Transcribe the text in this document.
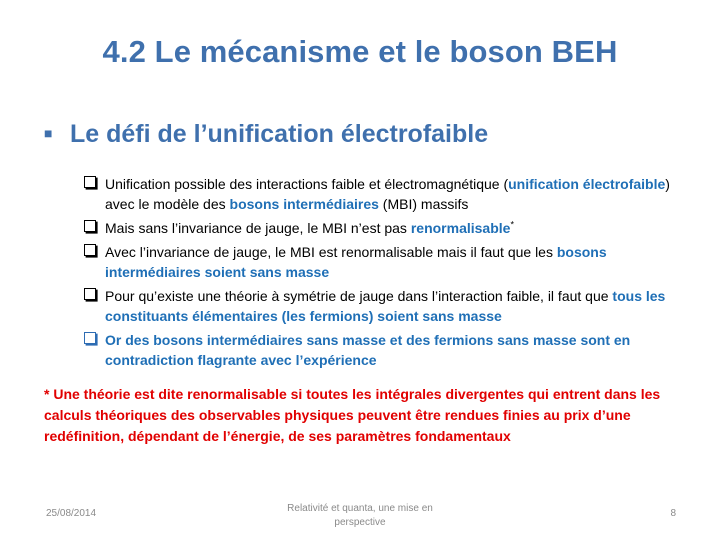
4.2 Le mécanisme et le boson BEH
■ Le défi de l’unification électrofaible
Unification possible des interactions faible et électromagnétique (unification électrofaible) avec le modèle des bosons intermédiaires (MBI) massifs
Mais sans l’invariance de jauge, le MBI n’est pas renormalisable*
Avec l’invariance de jauge, le MBI est renormalisable mais il faut que les bosons intermédiaires soient sans masse
Pour qu’existe une théorie à symétrie de jauge dans l’interaction faible, il faut que tous les constituants élémentaires (les fermions) soient sans masse
Or des bosons intermédiaires sans masse et des fermions sans masse sont en contradiction flagrante avec l’expérience
* Une théorie est dite renormalisable si toutes les intégrales divergentes qui entrent dans les calculs théoriques des observables physiques peuvent être rendues finies au prix d’une redéfinition, dépendant de l’énergie, de ses paramètres fondamentaux
25/08/2014	Relativité et quanta, une mise en perspective
8
